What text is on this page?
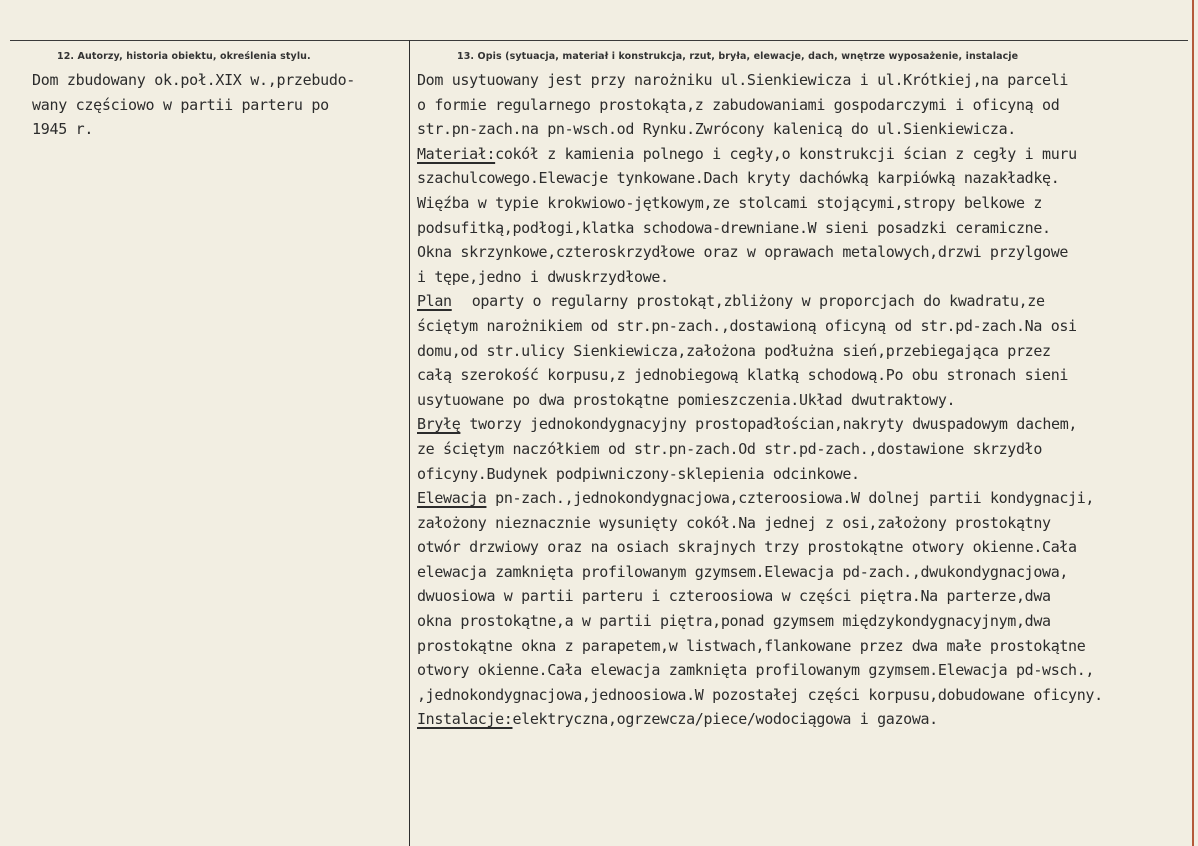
12. Autorzy, historia obiektu, określenia stylu.	13. Opis (sytuacja, materiał i konstrukcja, rzut, bryła, elewacje, dach, wnętrze wyposażenie, instalacje
Dom zbudowany ok.poł.XIX w.,przebudo-
wany częściowo w partii parteru po
1945 r.
Dom usytuowany jest przy narożniku ul.Sienkiewicza i ul.Krótkiej,na parceli
o formie regularnego prostokąta,z zabudowaniami gospodarczymi i oficyną od
str.pn-zach.na pn-wsch.od Rynku.Zwrócony kalenicą do ul.Sienkiewicza.
Materiał:cokół z kamienia polnego i cegły,o konstrukcji ścian z cegły i muru
szachulcowego.Elewacje tynkowane.Dach kryty dachówką karpiówką nazakładkę.
Więźba w typie krokwiowo-jętkowym,ze stolcami stojącymi,stropy belkowe z
podsufitką,podłogi,klatka schodowa-drewniane.W sieni posadzki ceramiczne.
Okna skrzynkowe,czteroskrzydłowe oraz w oprawach metalowych,drzwi przylgowe
i tępe,jedno i dwuskrzydłowe.
Plan oparty o regularny prostokąt,zbliżony w proporcjach do kwadratu,ze
ściętym narożnikiem od str.pn-zach.,dostawioną oficyną od str.pd-zach.Na osi
domu,od str.ulicy Sienkiewicza,założona podłużna sień,przebiegająca przez
całą szerokość korpusu,z jednobiegową klatką schodową.Po obu stronach sieni
usytuowane po dwa prostokątne pomieszczenia.Układ dwutraktowy.
Bryłę tworzy jednokondygnacyjny prostopadłościan,nakryty dwuspadowym dachem,
ze ściętym naczółkiem od str.pn-zach.Od str.pd-zach.,dostawione skrzydło
oficyny.Budynek podpiwniczony-sklepienia odcinkowe.
Elewacja pn-zach.,jednokondygnacjowa,czteroosiowa.W dolnej partii kondygnacji,
założony nieznacznie wysunięty cokół.Na jednej z osi,założony prostokątny
otwór drzwiowy oraz na osiach skrajnych trzy prostokątne otwory okienne.Cała
elewacja zamknięta profilowanym gzymsem.Elewacja pd-zach.,dwukondygnacjowa,
dwuosiowa w partii parteru i czteroosiowa w części piętra.Na parterze,dwa
okna prostokątne,a w partii piętra,ponad gzymsem międzykondygnacyjnym,dwa
prostokątne okna z parapetem,w listwach,flankowane przez dwa małe prostokątne
otwory okienne.Cała elewacja zamknięta profilowanym gzymsem.Elewacja pd-wsch.,
,jednokondygnacjowa,jednoosiowa.W pozostałej części korpusu,dobudowane oficyny.
Instalacje:elektryczna,ogrzewcza/piece/wodociągowa i gazowa.
